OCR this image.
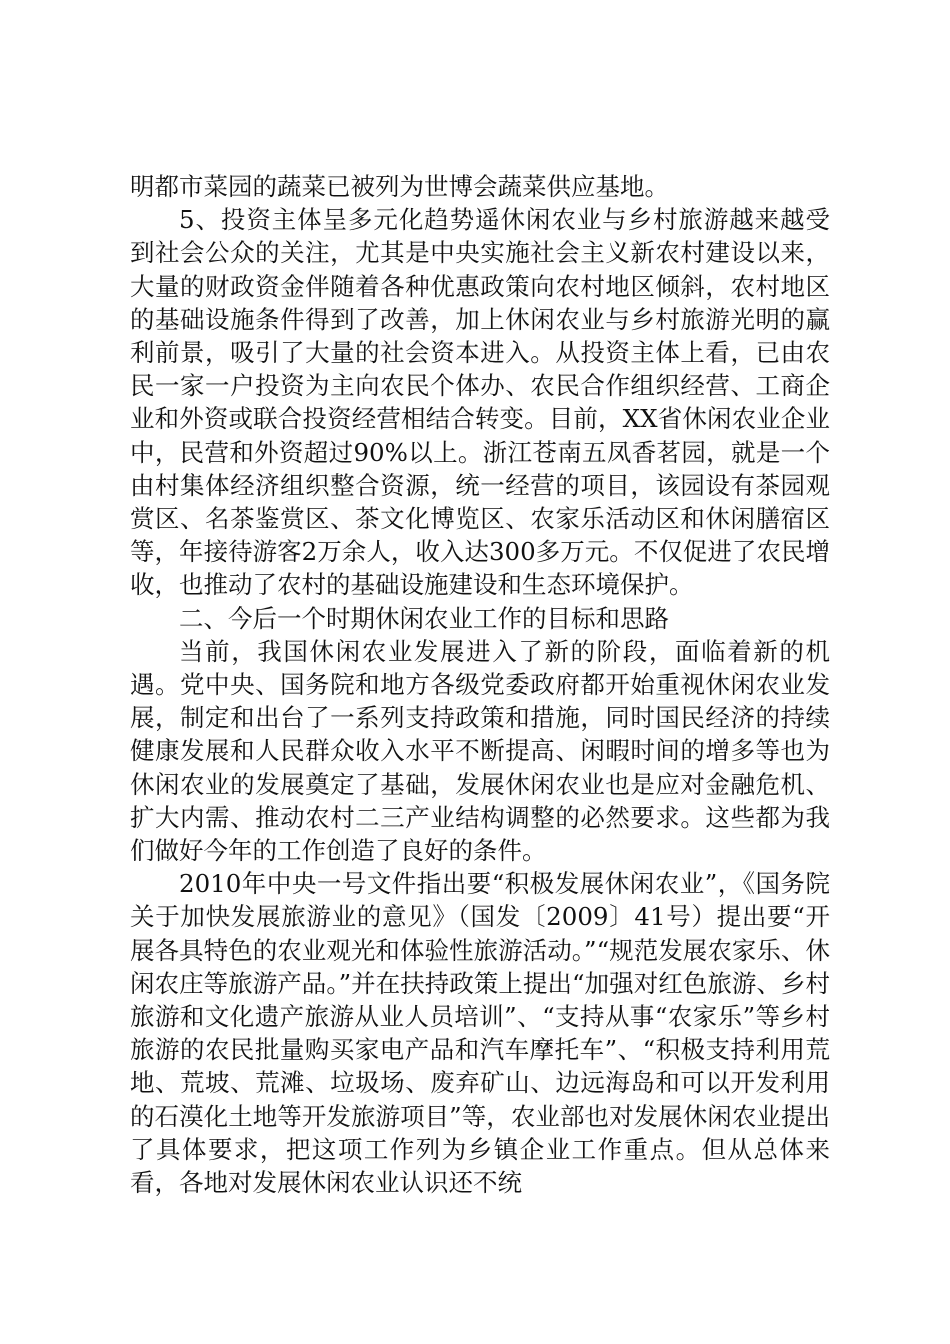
明都市菜园的蔬菜已被列为世博会蔬菜供应基地。

5、投资主体呈多元化趋势遥休闲农业与乡村旅游越来越受到社会公众的关注，尤其是中央实施社会主义新农村建设以来，大量的财政资金伴随着各种优惠政策向农村地区倾斜，农村地区的基础设施条件得到了改善，加上休闲农业与乡村旅游光明的赢利前景，吸引了大量的社会资本进入。从投资主体上看，已由农民一家一户投资为主向农民个体办、农民合作组织经营、工商企业和外资或联合投资经营相结合转变。目前，XX省休闲农业企业中，民营和外资超过90%以上。浙江苍南五凤香茗园，就是一个由村集体经济组织整合资源，统一经营的项目，该园设有茶园观赏区、名茶鉴赏区、茶文化博览区、农家乐活动区和休闲膳宿区等，年接待游客2万余人，收入达300多万元。不仅促进了农民增收，也推动了农村的基础设施建设和生态环境保护。

二、今后一个时期休闲农业工作的目标和思路

当前，我国休闲农业发展进入了新的阶段，面临着新的机遇。党中央、国务院和地方各级党委政府都开始重视休闲农业发展，制定和出台了一系列支持政策和措施，同时国民经济的持续健康发展和人民群众收入水平不断提高、闲暇时间的增多等也为休闲农业的发展奠定了基础，发展休闲农业也是应对金融危机、扩大内需、推动农村二三产业结构调整的必然要求。这些都为我们做好今年的工作创造了良好的条件。

2010年中央一号文件指出要“积极发展休闲农业”，《国务院关于加快发展旅游业的意见》（国发〔2009〕41号）提出要“开展各具特色的农业观光和体验性旅游活动。”“规范发展农家乐、休闲农庄等旅游产品。”并在扶持政策上提出“加强对红色旅游、乡村旅游和文化遗产旅游从业人员培训”、“支持从事“农家乐”等乡村旅游的农民批量购买家电产品和汽车摩托车”、“积极支持利用荒地、荒坡、荒滩、垃圾场、废弃矿山、边远海岛和可以开发利用的石漠化土地等开发旅游项目”等，农业部也对发展休闲农业提出了具体要求，把这项工作列为乡镇企业工作重点。但从总体来看，各地对发展休闲农业认识还不统
